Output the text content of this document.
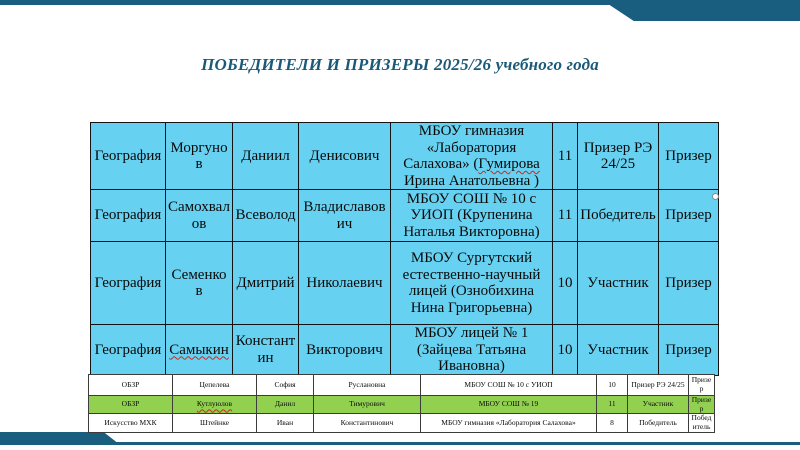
ПОБЕДИТЕЛИ И ПРИЗЕРЫ 2025/26 учебного года
География	Моргунов	Даниил	Денисович	МБОУ гимназия «Лаборатория Салахова» (Гумирова Ирина Анатольевна )	11	Призер РЭ 24/25	Призер
География	Самохвалов	Всеволод	Владиславович	МБОУ СОШ № 10 с УИОП (Крупенина Наталья Викторовна)	11	Победитель	Призер
География	Семенков	Дмитрий	Николаевич	МБОУ Сургутский естественно-научный лицей (Ознобихина Нина Григорьевна)	10	Участник	Призер
География	Самыкин	Константин	Викторович	МБОУ лицей № 1 (Зайцева Татьяна Ивановна)	10	Участник	Призер
ОБЗР	Цепелева	София	Руслановна	МБОУ СОШ № 10 с УИОП	10	Призер РЭ 24/25	Призер
ОБЗР	Кутлуюлов	Данил	Тимурович	МБОУ СОШ № 19	11	Участник	Призер
Искусство МХК	Штейнке	Иван	Константинович	МБОУ гимназия «Лаборатория Салахова»	8	Победитель	Победитель
